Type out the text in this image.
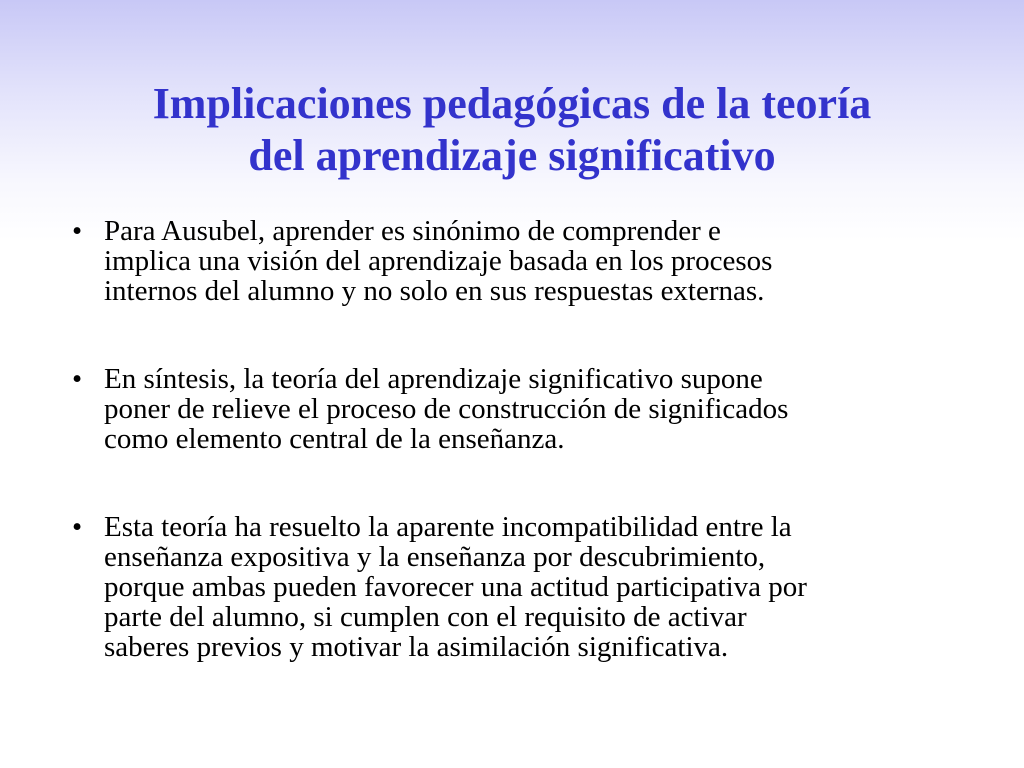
Implicaciones pedagógicas de la teoría
del aprendizaje significativo
• Para Ausubel, aprender es sinónimo de comprender e
implica una visión del aprendizaje basada en los procesos
internos del alumno y no solo en sus respuestas externas.
• En síntesis, la teoría del aprendizaje significativo supone
poner de relieve el proceso de construcción de significados
como elemento central de la enseñanza.
• Esta teoría ha resuelto la aparente incompatibilidad entre la
enseñanza expositiva y la enseñanza por descubrimiento,
porque ambas pueden favorecer una actitud participativa por
parte del alumno, si cumplen con el requisito de activar
saberes previos y motivar la asimilación significativa.
